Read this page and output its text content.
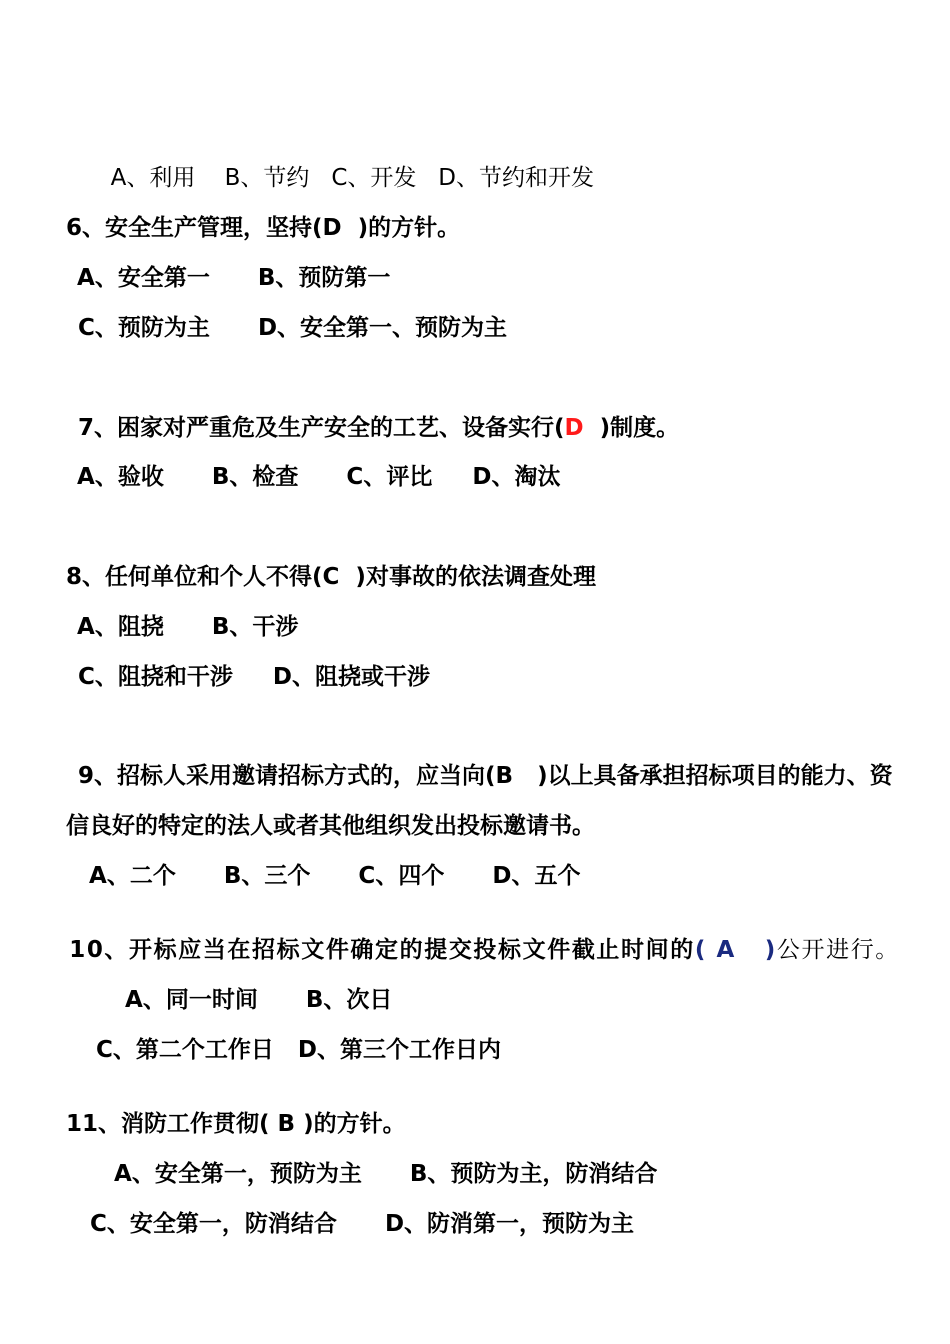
A、利用    B、节约   C、开发   D、节约和开发

6、安全生产管理，坚持(D  )的方针。

A、安全第一      B、预防第一

C、预防为主      D、安全第一、预防为主

7、困家对严重危及生产安全的工艺、设备实行(D  )制度。

A、验收      B、检查      C、评比     D、淘汰

8、任何单位和个人不得(C  )对事故的依法调查处理

A、阻挠      B、干涉

C、阻挠和干涉     D、阻挠或干涉

9、招标人采用邀请招标方式的，应当向(B   )以上具备承担招标项目的能力、资

信良好的特定的法人或者其他组织发出投标邀请书。

A、二个      B、三个      C、四个      D、五个

10、开标应当在招标文件确定的提交投标文件截止时间的( A   )公开进行。

A、同一时间      B、次日

C、第二个工作日   D、第三个工作日内

11、消防工作贯彻( B )的方针。

A、安全第一，预防为主      B、预防为主，防消结合

C、安全第一，防消结合      D、防消第一，预防为主
